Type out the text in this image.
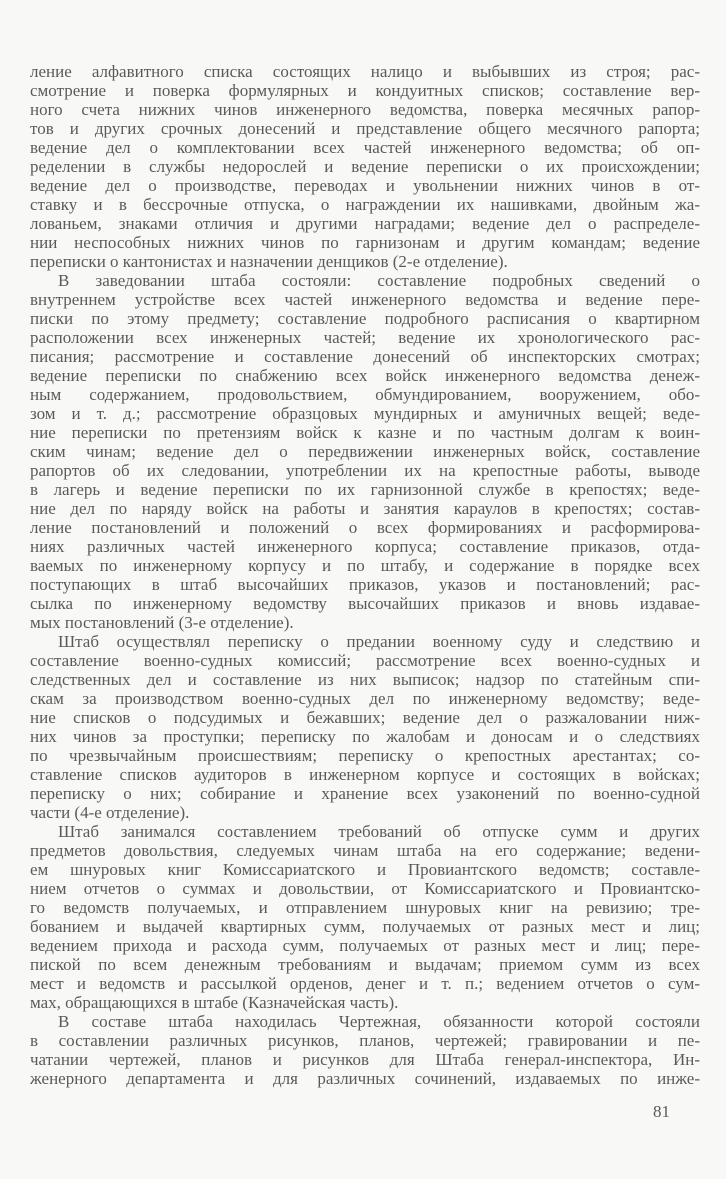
ление алфавитного списка состоящих налицо и выбывших из строя; рас-
смотрение и поверка формулярных и кондуитных списков; составление вер-
ного счета нижних чинов инженерного ведомства, поверка месячных рапор-
тов и других срочных донесений и представление общего месячного рапорта;
ведение дел о комплектовании всех частей инженерного ведомства; об оп-
ределении в службы недорослей и ведение переписки о их происхождении;
ведение дел о производстве, переводах и увольнении нижних чинов в от-
ставку и в бессрочные отпуска, о награждении их нашивками, двойным жа-
лованьем, знаками отличия и другими наградами; ведение дел о распределе-
нии неспособных нижних чинов по гарнизонам и другим командам; ведение
переписки о кантонистах и назначении денщиков (2-е отделение).
В заведовании штаба состояли: составление подробных сведений о
внутреннем устройстве всех частей инженерного ведомства и ведение пере-
писки по этому предмету; составление подробного расписания о квартирном
расположении всех инженерных частей; ведение их хронологического рас-
писания; рассмотрение и составление донесений об инспекторских смотрах;
ведение переписки по снабжению всех войск инженерного ведомства денеж-
ным содержанием, продовольствием, обмундированием, вооружением, обо-
зом и т. д.; рассмотрение образцовых мундирных и амуничных вещей; веде-
ние переписки по претензиям войск к казне и по частным долгам к воин-
ским чинам; ведение дел о передвижении инженерных войск, составление
рапортов об их следовании, употреблении их на крепостные работы, выводе
в лагерь и ведение переписки по их гарнизонной службе в крепостях; веде-
ние дел по наряду войск на работы и занятия караулов в крепостях; состав-
ление постановлений и положений о всех формированиях и расформирова-
ниях различных частей инженерного корпуса; составление приказов, отда-
ваемых по инженерному корпусу и по штабу, и содержание в порядке всех
поступающих в штаб высочайших приказов, указов и постановлений; рас-
сылка по инженерному ведомству высочайших приказов и вновь издавае-
мых постановлений (3-е отделение).
Штаб осуществлял переписку о предании военному суду и следствию и
составление военно-судных комиссий; рассмотрение всех военно-судных и
следственных дел и составление из них выписок; надзор по статейным спи-
скам за производством военно-судных дел по инженерному ведомству; веде-
ние списков о подсудимых и бежавших; ведение дел о разжаловании ниж-
них чинов за проступки; переписку по жалобам и доносам и о следствиях
по чрезвычайным происшествиям; переписку о крепостных арестантах; со-
ставление списков аудиторов в инженерном корпусе и состоящих в войсках;
переписку о них; собирание и хранение всех узаконений по военно-судной
части (4-е отделение).
Штаб занимался составлением требований об отпуске сумм и других
предметов довольствия, следуемых чинам штаба на его содержание; ведени-
ем шнуровых книг Комиссариатского и Провиантского ведомств; составле-
нием отчетов о суммах и довольствии, от Комиссариатского и Провиантско-
го ведомств получаемых, и отправлением шнуровых книг на ревизию; тре-
бованием и выдачей квартирных сумм, получаемых от разных мест и лиц;
ведением прихода и расхода сумм, получаемых от разных мест и лиц; пере-
пиской по всем денежным требованиям и выдачам; приемом сумм из всех
мест и ведомств и рассылкой орденов, денег и т. п.; ведением отчетов о сум-
мах, обращающихся в штабе (Казначейская часть).
В составе штаба находилась Чертежная, обязанности которой состояли
в составлении различных рисунков, планов, чертежей; гравировании и пе-
чатании чертежей, планов и рисунков для Штаба генерал-инспектора, Ин-
женерного департамента и для различных сочинений, издаваемых по инже-
81
